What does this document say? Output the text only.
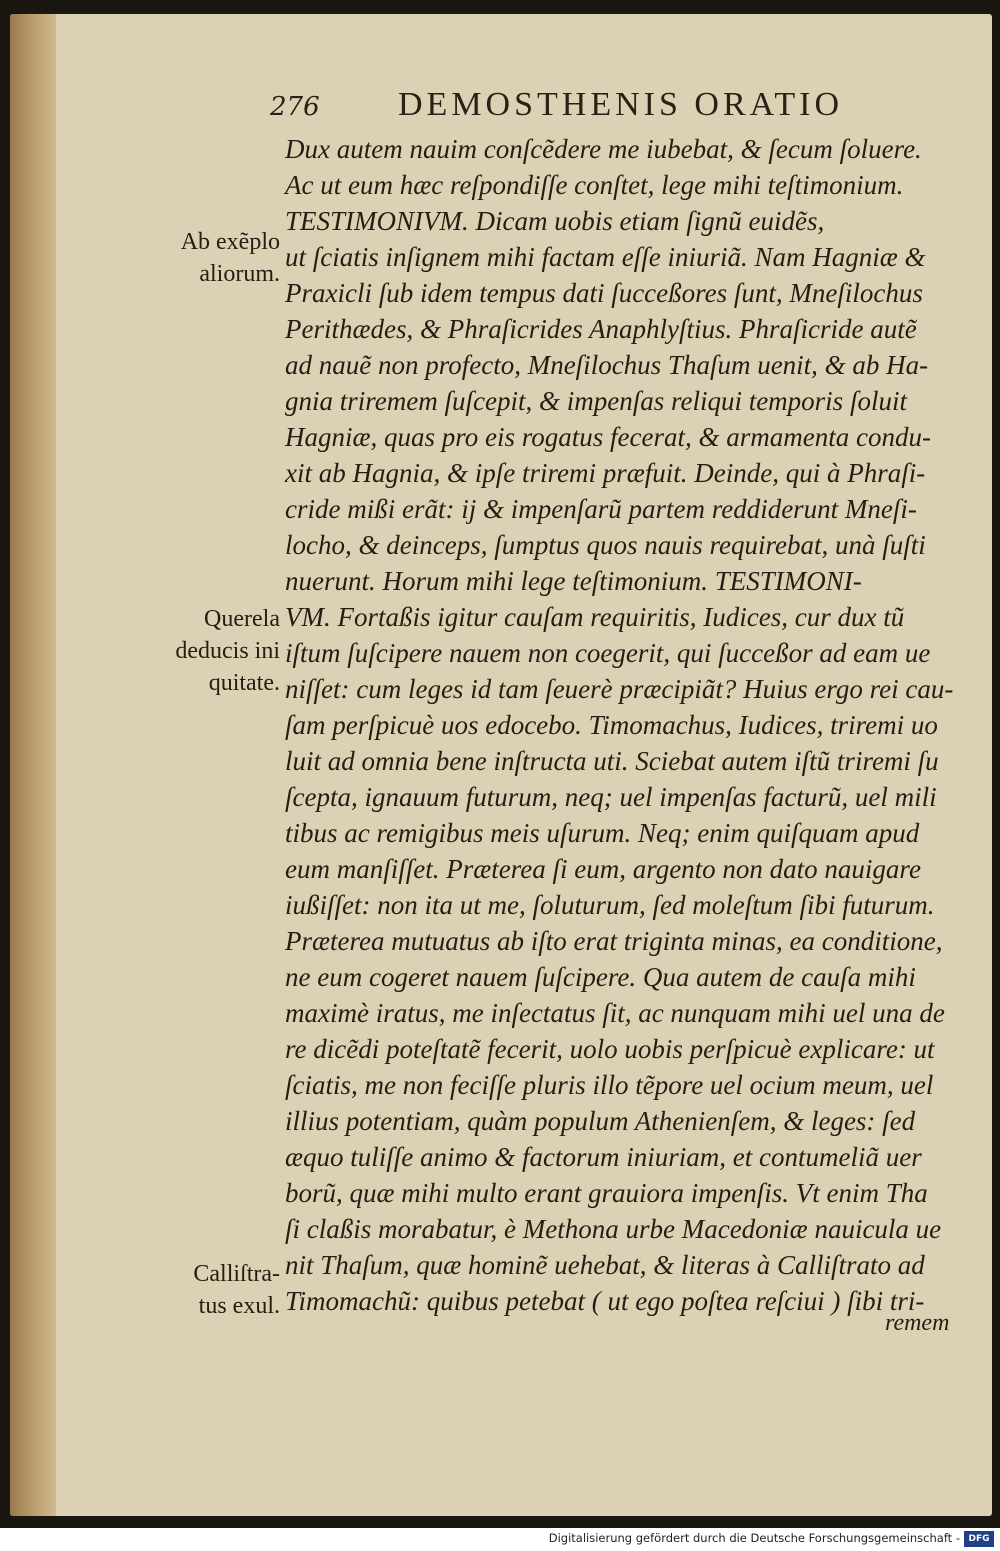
276 DEMOSTHENIS ORATIO
Dux autem nauim conſcẽdere me iubebat, & ſecum ſoluere.
Ac ut eum hæc reſpondiſſe conſtet, lege mihi teſtimonium.
TESTIMONIVM. Dicam uobis etiam ſignũ euidẽs,
ut ſciatis inſignem mihi factam eſſe iniuriã. Nam Hagniæ &
Praxicli ſub idem tempus dati ſucceßores ſunt, Mneſilochus
Perithædes, & Phraſicrides Anaphlyſtius. Phraſicride autẽ
ad nauẽ non profecto, Mneſilochus Thaſum uenit, & ab Ha-
gnia triremem ſuſcepit, & impenſas reliqui temporis ſoluit
Hagniæ, quas pro eis rogatus fecerat, & armamenta condu-
xit ab Hagnia, & ipſe triremi præfuit. Deinde, qui à Phraſi-
cride mißi erãt: ij & impenſarũ partem reddiderunt Mneſi-
locho, & deinceps, ſumptus quos nauis requirebat, unà ſuſti
nuerunt. Horum mihi lege teſtimonium. TESTIMONI-
VM. Fortaßis igitur cauſam requiritis, Iudices, cur dux tũ
iſtum ſuſcipere nauem non coegerit, qui ſucceßor ad eam ue
niſſet: cum leges id tam ſeuerè præcipiãt? Huius ergo rei cau-
ſam perſpicuè uos edocebo. Timomachus, Iudices, triremi uo
luit ad omnia bene inſtructa uti. Sciebat autem iſtũ triremi ſu
ſcepta, ignauum futurum, neq; uel impenſas facturũ, uel mili
tibus ac remigibus meis uſurum. Neq; enim quiſquam apud
eum manſiſſet. Præterea ſi eum, argento non dato nauigare
iußiſſet: non ita ut me, ſoluturum, ſed moleſtum ſibi futurum.
Præterea mutuatus ab iſto erat triginta minas, ea conditione,
ne eum cogeret nauem ſuſcipere. Qua autem de cauſa mihi
maximè iratus, me inſectatus ſit, ac nunquam mihi uel una de
re dicẽdi poteſtatẽ fecerit, uolo uobis perſpicuè explicare: ut
ſciatis, me non feciſſe pluris illo tẽpore uel ocium meum, uel
illius potentiam, quàm populum Athenienſem, & leges: ſed
æquo tuliſſe animo & factorum iniuriam, et contumeliã uer
borũ, quæ mihi multo erant grauiora impenſis. Vt enim Tha
ſi claßis morabatur, è Methona urbe Macedoniæ nauicula ue
nit Thaſum, quæ hominẽ uehebat, & literas à Calliſtrato ad
Timomachũ: quibus petebat ( ut ego poſtea reſciui ) ſibi tri-
Ab exẽplo
aliorum.
Querela
deducis ini
quitate.
Calliſtra-
tus exul.
remem
Digitalisierung gefördert durch die Deutsche Forschungsgemeinschaft - DFG
